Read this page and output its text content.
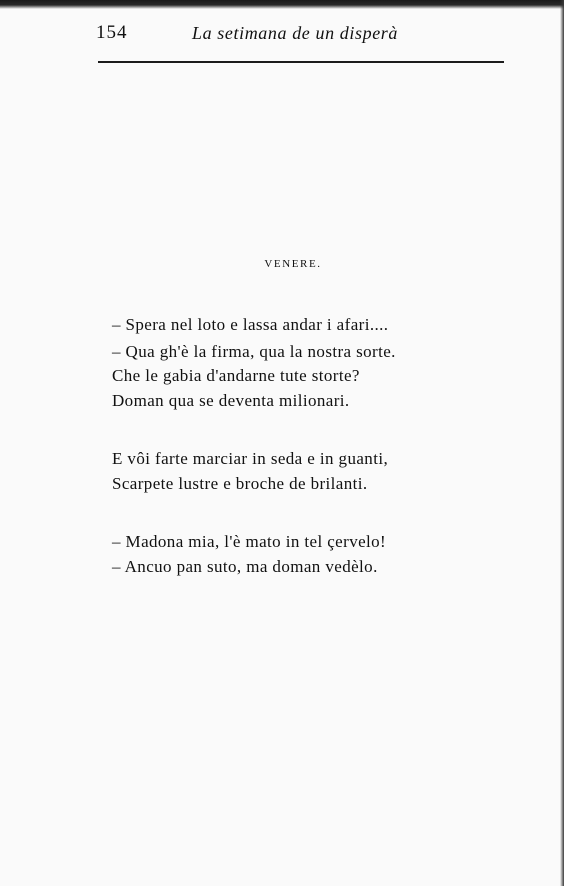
154	La setimana de un disperà
VENERE.
– Spera nel loto e lassa andar i afari....
– Qua gh'è la firma, qua la nostra sorte.
Che le gabia d'andarne tute storte?
Doman qua se deventa milionari.
E vôi farte marciar in seda e in guanti,
Scarpete lustre e broche de brilanti.
– Madona mia, l'è mato in tel çervelo!
– Ancuo pan suto, ma doman vedèlo.
